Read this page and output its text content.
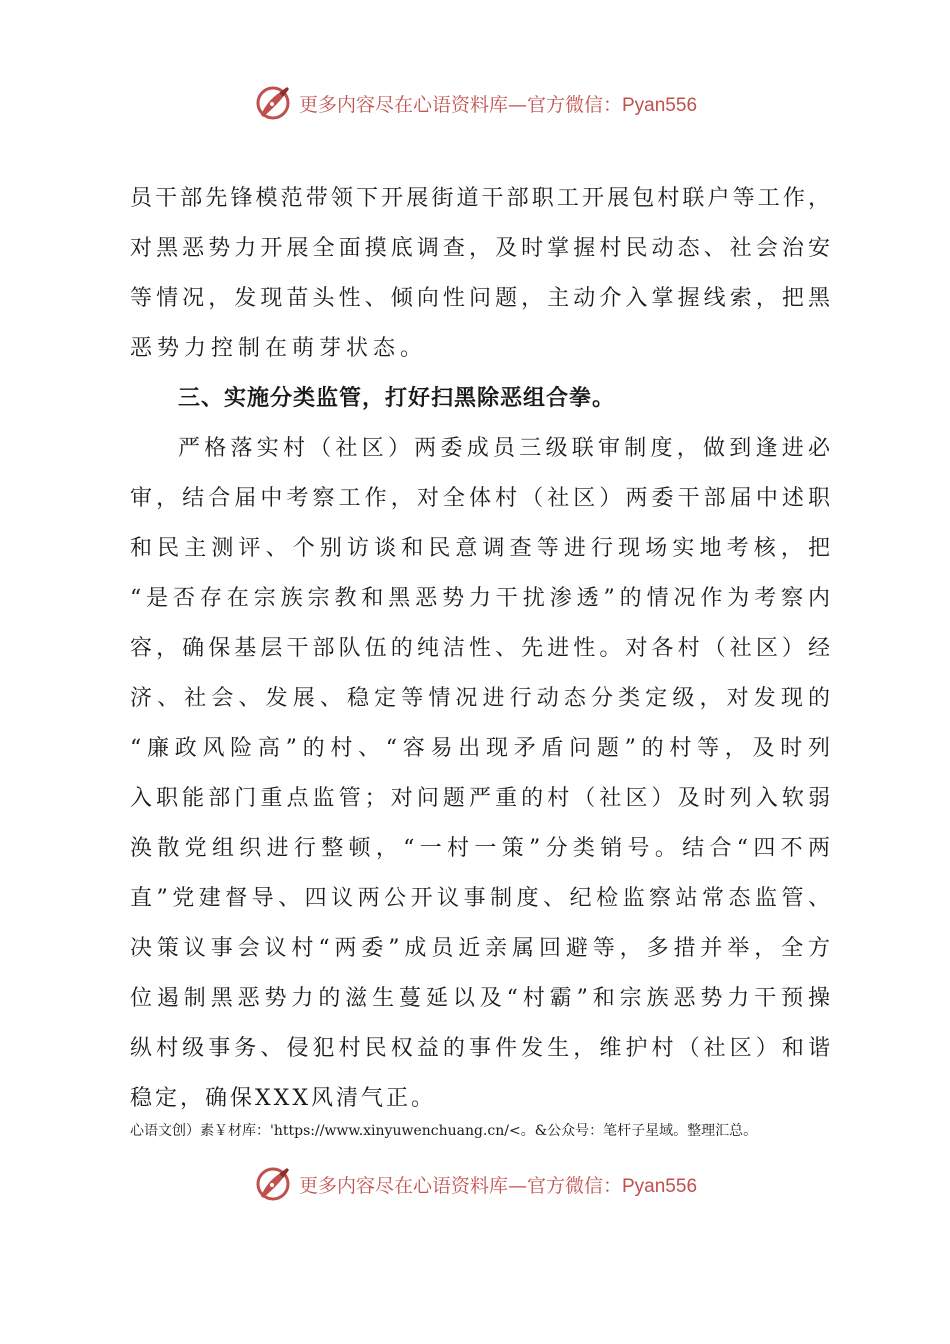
更多内容尽在心语资料库—官方微信：Pyan556
员干部先锋模范带领下开展街道干部职工开展包村联户等工作，
对黑恶势力开展全面摸底调查，及时掌握村民动态、社会治安
等情况，发现苗头性、倾向性问题，主动介入掌握线索，把黑
恶势力控制在萌芽状态。
三、实施分类监管，打好扫黑除恶组合拳。
严格落实村（社区）两委成员三级联审制度，做到逢进必
审，结合届中考察工作，对全体村（社区）两委干部届中述职
和民主测评、个别访谈和民意调查等进行现场实地考核，把
“是否存在宗族宗教和黑恶势力干扰渗透”的情况作为考察内
容，确保基层干部队伍的纯洁性、先进性。对各村（社区）经
济、社会、发展、稳定等情况进行动态分类定级，对发现的
“廉政风险高”的村、“容易出现矛盾问题”的村等，及时列
入职能部门重点监管；对问题严重的村（社区）及时列入软弱
涣散党组织进行整顿，“一村一策”分类销号。结合“四不两
直”党建督导、四议两公开议事制度、纪检监察站常态监管、
决策议事会议村“两委”成员近亲属回避等，多措并举，全方
位遏制黑恶势力的滋生蔓延以及“村霸”和宗族恶势力干预操
纵村级事务、侵犯村民权益的事件发生，维护村（社区）和谐
稳定，确保XXX风清气正。
心语文创）素￥材库：'https://www.xinyuwenchuang.cn/<。&公众号：笔杆子星域。整理汇总。
更多内容尽在心语资料库—官方微信：Pyan556
